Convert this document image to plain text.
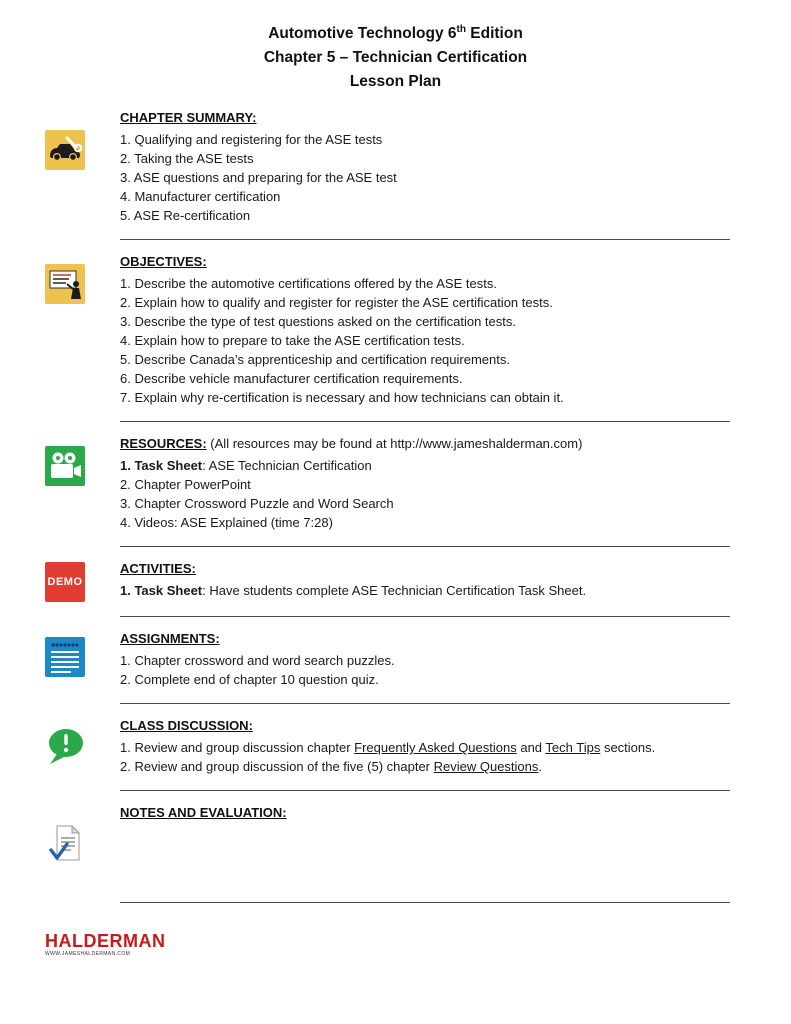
Automotive Technology 6th Edition
Chapter 5 – Technician Certification
Lesson Plan

CHAPTER SUMMARY:

1. Qualifying and registering for the ASE tests

2. Taking the ASE tests

3. ASE questions and preparing for the ASE test

4. Manufacturer certification

5. ASE Re-certification

OBJECTIVES:

1. Describe the automotive certifications offered by the ASE tests.

2. Explain how to qualify and register for register the ASE certification tests.

3. Describe the type of test questions asked on the certification tests.

4. Explain how to prepare to take the ASE certification tests.

5. Describe Canada’s apprenticeship and certification requirements.

6. Describe vehicle manufacturer certification requirements.

7. Explain why re-certification is necessary and how technicians can obtain it.

RESOURCES: (All resources may be found at http://www.jameshalderman.com)

1. Task Sheet: ASE Technician Certification

2. Chapter PowerPoint

3. Chapter Crossword Puzzle and Word Search

4. Videos: ASE Explained (time 7:28)

DEMO

ACTIVITIES:

1. Task Sheet: Have students complete ASE Technician Certification Task Sheet.

ASSIGNMENTS:

1. Chapter crossword and word search puzzles.

2. Complete end of chapter 10 question quiz.

CLASS DISCUSSION:

1. Review and group discussion chapter Frequently Asked Questions and Tech Tips sections.

2. Review and group discussion of the five (5) chapter Review Questions.

NOTES AND EVALUATION:

HALDERMAN
WWW.JAMESHALDERMAN.COM
